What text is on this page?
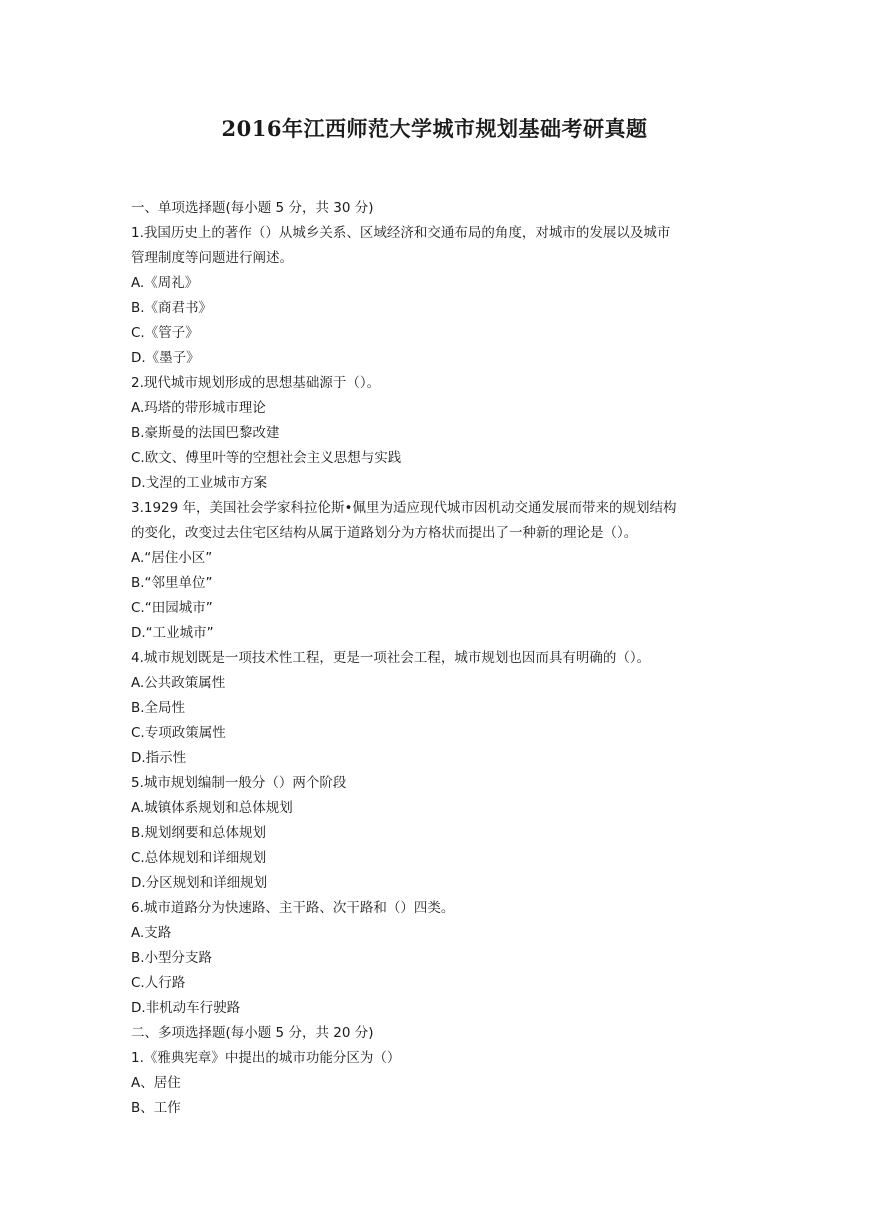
2016年江西师范大学城市规划基础考研真题
一、单项选择题(每小题 5 分，共 30 分)
1.我国历史上的著作（）从城乡关系、区域经济和交通布局的角度，对城市的发展以及城市
管理制度等问题进行阐述。
A.《周礼》
B.《商君书》
C.《管子》
D.《墨子》
2.现代城市规划形成的思想基础源于（）。
A.玛塔的带形城市理论
B.豪斯曼的法国巴黎改建
C.欧文、傅里叶等的空想社会主义思想与实践
D.戈涅的工业城市方案
3.1929 年，美国社会学家科拉伦斯•佩里为适应现代城市因机动交通发展而带来的规划结构
的变化，改变过去住宅区结构从属于道路划分为方格状而提出了一种新的理论是（）。
A.“居住小区”
B.“邻里单位”
C.“田园城市”
D.“工业城市”
4.城市规划既是一项技术性工程，更是一项社会工程，城市规划也因而具有明确的（）。
A.公共政策属性
B.全局性
C.专项政策属性
D.指示性
5.城市规划编制一般分（）两个阶段
A.城镇体系规划和总体规划
B.规划纲要和总体规划
C.总体规划和详细规划
D.分区规划和详细规划
6.城市道路分为快速路、主干路、次干路和（）四类。
A.支路
B.小型分支路
C.人行路
D.非机动车行驶路
二、多项选择题(每小题 5 分，共 20 分)
1.《雅典宪章》中提出的城市功能分区为（）
A、居住
B、工作
